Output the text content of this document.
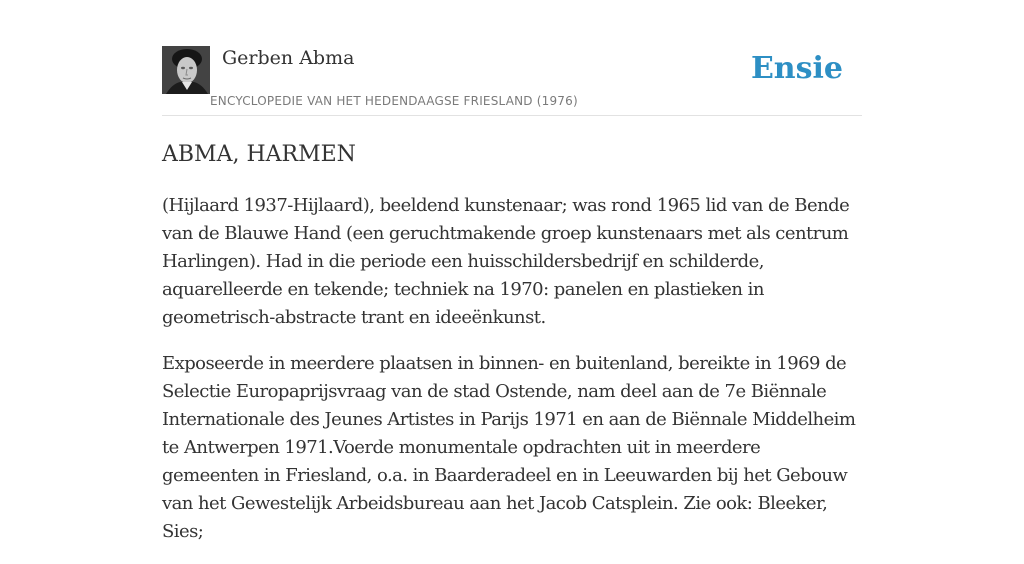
Gerben Abma
ENCYCLOPEDIE VAN HET HEDENDAAGSE FRIESLAND (1976)
Ensie
ABMA, HARMEN

(Hijlaard 1937-Hijlaard), beeldend kunstenaar; was rond 1965 lid van de Bende van de Blauwe Hand (een geruchtmakende groep kunstenaars met als centrum Harlingen). Had in die periode een huisschildersbedrijf en schilderde, aquarelleerde en tekende; techniek na 1970: panelen en plastieken in geometrisch-abstracte trant en ideeënkunst.

Exposeerde in meerdere plaatsen in binnen- en buitenland, bereikte in 1969 de Selectie Europaprijsvraag van de stad Ostende, nam deel aan de 7e Biënnale Internationale des Jeunes Artistes in Parijs 1971 en aan de Biënnale Middelheim te Antwerpen 1971.Voerde monumentale opdrachten uit in meerdere gemeenten in Friesland, o.a. in Baarderadeel en in Leeuwarden bij het Gebouw van het Gewestelijk Arbeidsbureau aan het Jacob Catsplein. Zie ook: Bleeker, Sies;
